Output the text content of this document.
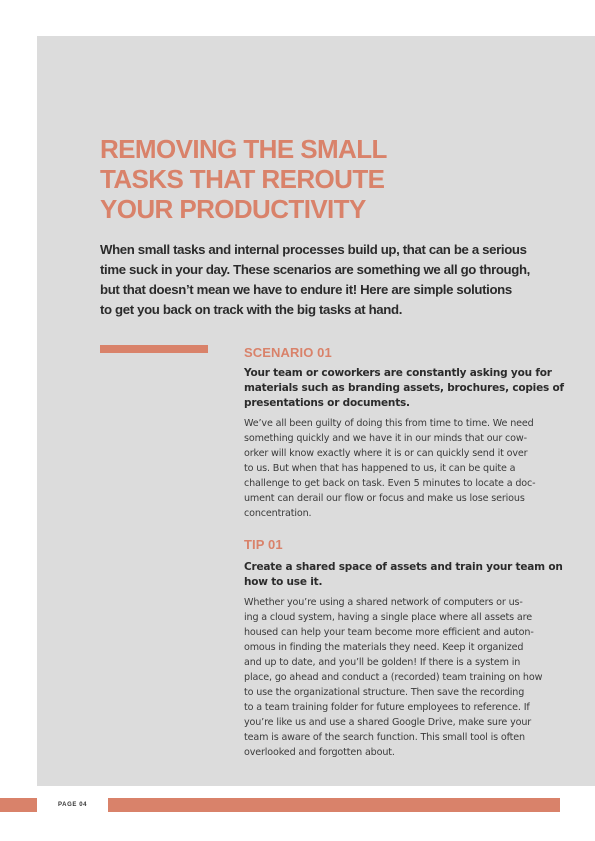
REMOVING THE SMALL
TASKS THAT REROUTE
YOUR PRODUCTIVITY

When small tasks and internal processes build up, that can be a serious
time suck in your day. These scenarios are something we all go through,
but that doesn’t mean we have to endure it! Here are simple solutions
to get you back on track with the big tasks at hand.

SCENARIO 01

Your team or coworkers are constantly asking you for
materials such as branding assets, brochures, copies of
presentations or documents.

We’ve all been guilty of doing this from time to time. We need
something quickly and we have it in our minds that our cow-
orker will know exactly where it is or can quickly send it over
to us. But when that has happened to us, it can be quite a
challenge to get back on task. Even 5 minutes to locate a doc-
ument can derail our flow or focus and make us lose serious
concentration.

TIP 01

Create a shared space of assets and train your team on
how to use it.

Whether you’re using a shared network of computers or us-
ing a cloud system, having a single place where all assets are
housed can help your team become more efficient and auton-
omous in finding the materials they need. Keep it organized
and up to date, and you’ll be golden! If there is a system in
place, go ahead and conduct a (recorded) team training on how
to use the organizational structure. Then save the recording
to a team training folder for future employees to reference. If
you’re like us and use a shared Google Drive, make sure your
team is aware of the search function. This small tool is often
overlooked and forgotten about.

PAGE 04
